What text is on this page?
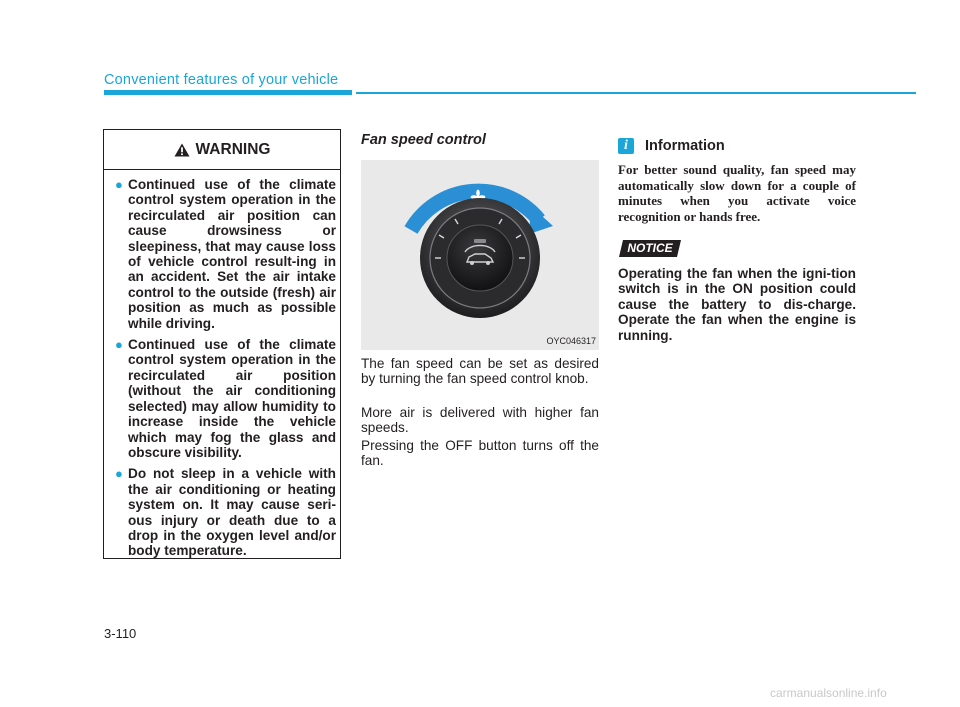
Convenient features of your vehicle
WARNING
● Continued use of the climate control system operation in the recirculated air position can cause drowsiness or sleepiness, that may cause loss of vehicle control result-ing in an accident. Set the air intake control to the outside (fresh) air position as much as possible while driving.
● Continued use of the climate control system operation in the recirculated air position (without the air conditioning selected) may allow humidity to increase inside the vehicle which may fog the glass and obscure visibility.
● Do not sleep in a vehicle with the air conditioning or heating system on. It may cause seri-ous injury or death due to a drop in the oxygen level and/or body temperature.
Fan speed control
OYC046317

The fan speed can be set as desired by turning the fan speed control knob.

More air is delivered with higher fan speeds.

Pressing the OFF button turns off the fan.

i	Information

For better sound quality, fan speed may automatically slow down for a couple of minutes when you activate voice recognition or hands free.

NOTICE

Operating the fan when the igni-tion switch is in the ON position could cause the battery to dis-charge. Operate the fan when the engine is running.

3-110
carmanualsonline.info
